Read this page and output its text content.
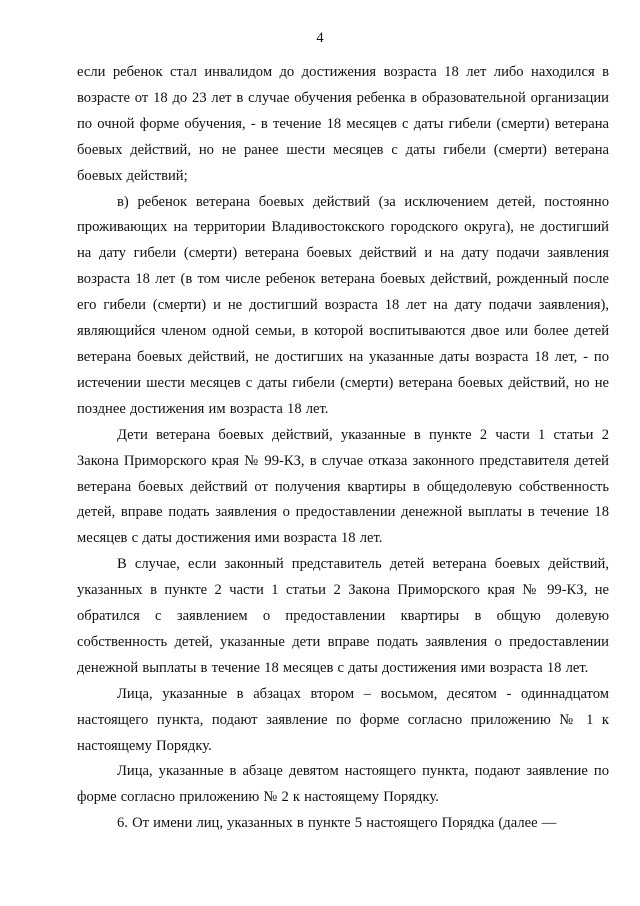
4

если ребенок стал инвалидом до достижения возраста 18 лет либо находился в возрасте от 18 до 23 лет в случае обучения ребенка в образовательной организации по очной форме обучения, - в течение 18 месяцев с даты гибели (смерти) ветерана боевых действий, но не ранее шести месяцев с даты гибели (смерти) ветерана боевых действий;

в) ребенок ветерана боевых действий (за исключением детей, постоянно проживающих на территории Владивостокского городского округа), не достигший на дату гибели (смерти) ветерана боевых действий и на дату подачи заявления возраста 18 лет (в том числе ребенок ветерана боевых действий, рожденный после его гибели (смерти) и не достигший возраста 18 лет на дату подачи заявления), являющийся членом одной семьи, в которой воспитываются двое или более детей ветерана боевых действий, не достигших на указанные даты возраста 18 лет, - по истечении шести месяцев с даты гибели (смерти) ветерана боевых действий, но не позднее достижения им возраста 18 лет.

Дети ветерана боевых действий, указанные в пункте 2 части 1 статьи 2 Закона Приморского края № 99-КЗ, в случае отказа законного представителя детей ветерана боевых действий от получения квартиры в общедолевую собственность детей, вправе подать заявления о предоставлении денежной выплаты в течение 18 месяцев с даты достижения ими возраста 18 лет.

В случае, если законный представитель детей ветерана боевых действий, указанных в пункте 2 части 1 статьи 2 Закона Приморского края № 99-КЗ, не обратился с заявлением о предоставлении квартиры в общую долевую собственность детей, указанные дети вправе подать заявления о предоставлении денежной выплаты в течение 18 месяцев с даты достижения ими возраста 18 лет.

Лица, указанные в абзацах втором – восьмом, десятом - одиннадцатом настоящего пункта, подают заявление по форме согласно приложению № 1 к настоящему Порядку.

Лица, указанные в абзаце девятом настоящего пункта, подают заявление по форме согласно приложению № 2 к настоящему Порядку.

6. От имени лиц, указанных в пункте 5 настоящего Порядка (далее —
